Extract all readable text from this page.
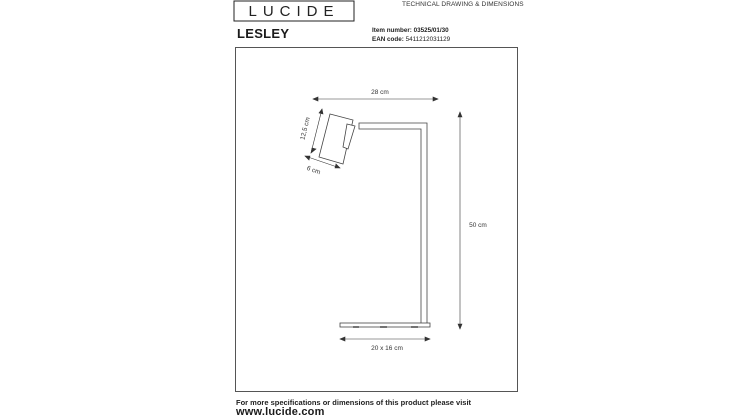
LUCIDE	TECHNICAL DRAWING & DIMENSIONS
LESLEY	Item number: 03525/01/30
EAN code: 5411212031129
28 cm
50 cm
20 x 16 cm
12,5 cm
6 cm
For more specifications or dimensions of this product please visit
www.lucide.com
